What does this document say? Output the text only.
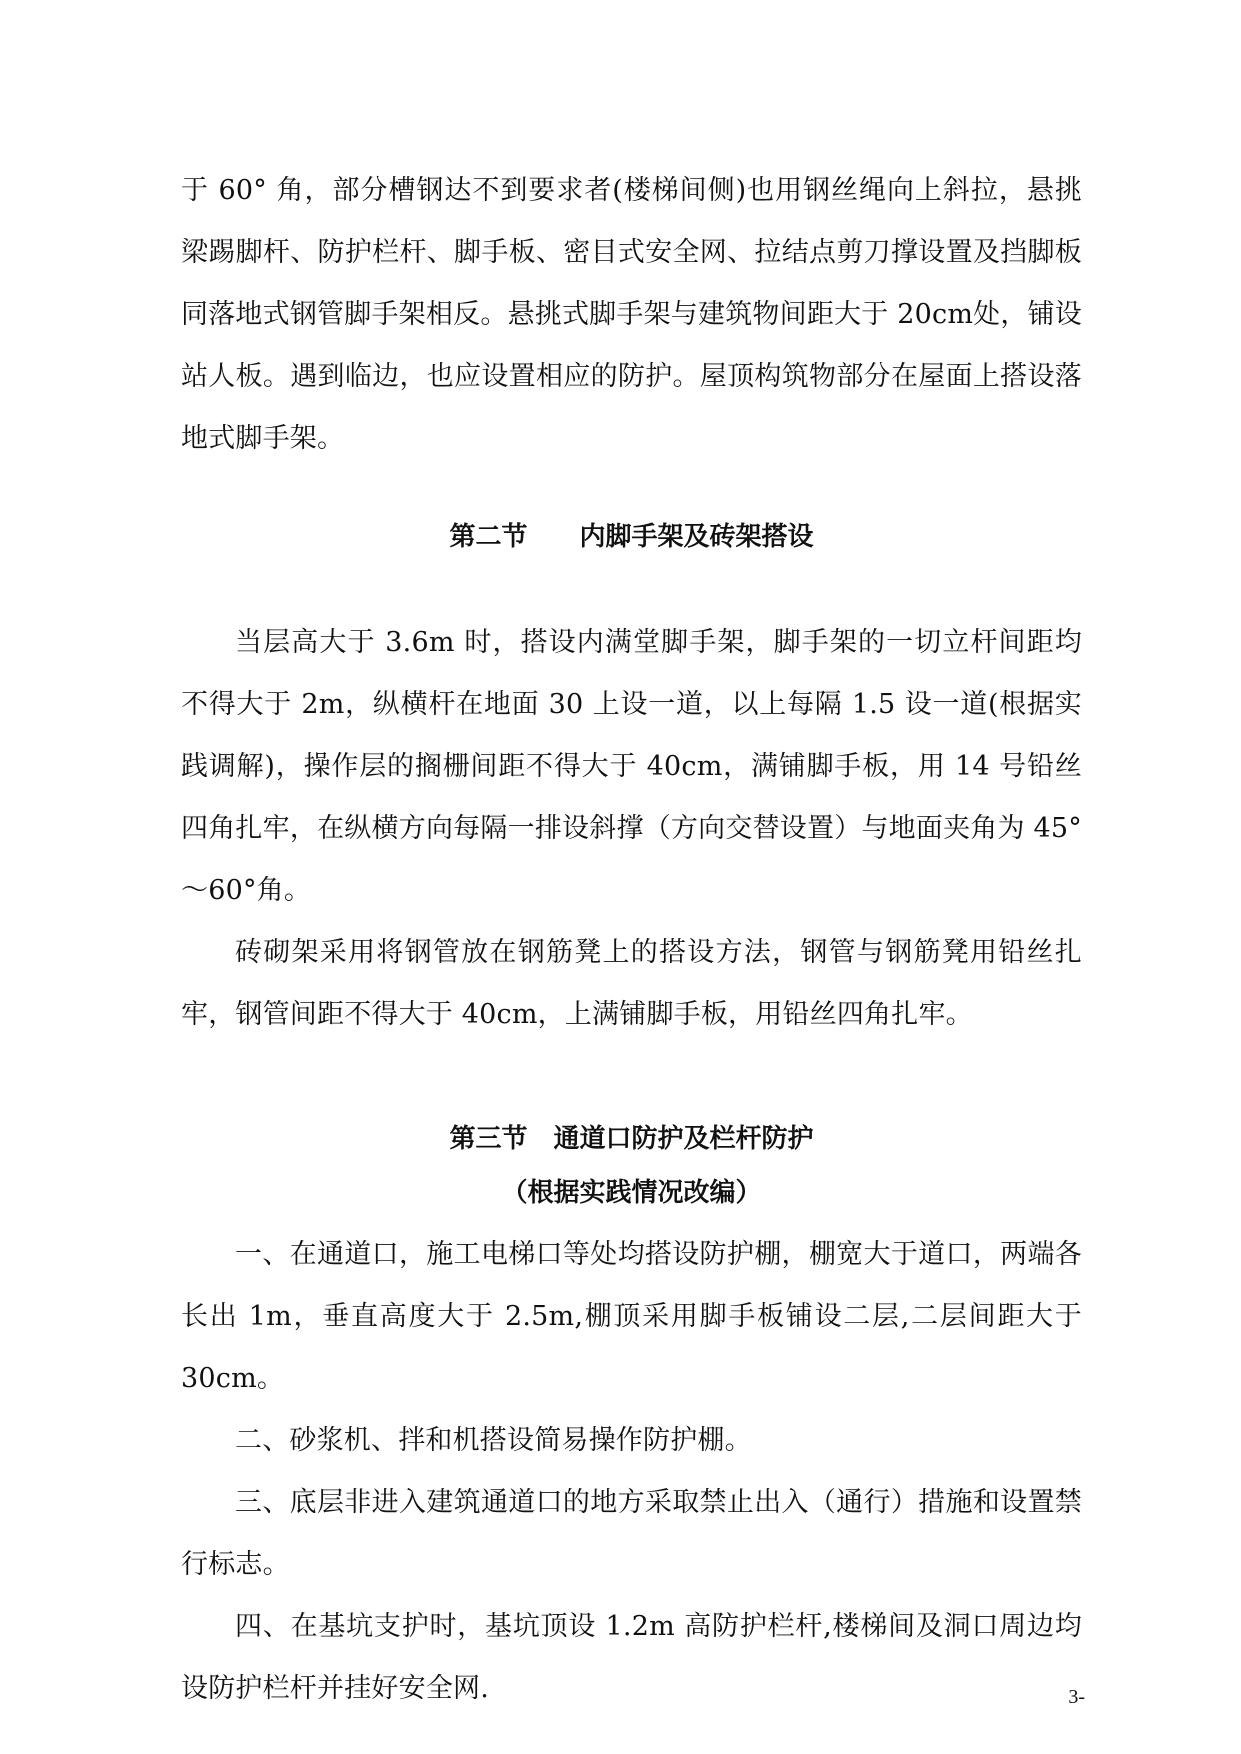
于 60° 角，部分槽钢达不到要求者(楼梯间侧)也用钢丝绳向上斜拉，悬挑梁踢脚杆、防护栏杆、脚手板、密目式安全网、拉结点剪刀撑设置及挡脚板同落地式钢管脚手架相反。悬挑式脚手架与建筑物间距大于 20cm处，铺设站人板。遇到临边，也应设置相应的防护。屋顶构筑物部分在屋面上搭设落地式脚手架。

第二节　　内脚手架及砖架搭设

当层高大于 3.6m 时，搭设内满堂脚手架，脚手架的一切立杆间距均不得大于 2m，纵横杆在地面 30 上设一道，以上每隔 1.5 设一道(根据实践调解)，操作层的搁栅间距不得大于 40cm，满铺脚手板，用 14 号铅丝四角扎牢，在纵横方向每隔一排设斜撑（方向交替设置）与地面夹角为 45°～60°角。

砖砌架采用将钢管放在钢筋凳上的搭设方法，钢管与钢筋凳用铅丝扎牢，钢管间距不得大于 40cm，上满铺脚手板，用铅丝四角扎牢。

第三节　通道口防护及栏杆防护

（根据实践情况改编）

一、在通道口，施工电梯口等处均搭设防护棚，棚宽大于道口，两端各长出 1m，垂直高度大于 2.5m,棚顶采用脚手板铺设二层,二层间距大于 30cm。

二、砂浆机、拌和机搭设简易操作防护棚。

三、底层非进入建筑通道口的地方采取禁止出入（通行）措施和设置禁行标志。

四、在基坑支护时，基坑顶设 1.2m 高防护栏杆,楼梯间及洞口周边均设防护栏杆并挂好安全网.	3-
